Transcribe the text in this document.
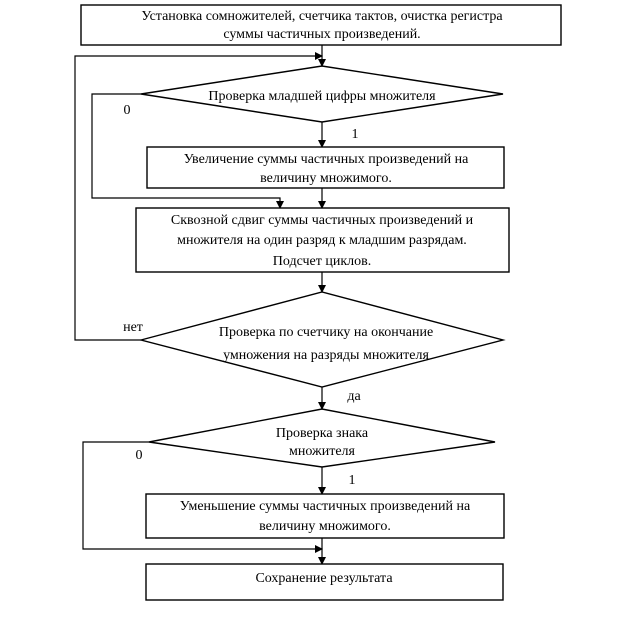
Установка сомножителей, счетчика тактов, очистка регистра
суммы частичных произведений.
Проверка младшей цифры множителя
0
1
Увеличение суммы частичных произведений на
величину множимого.
Сквозной сдвиг суммы частичных произведений и
множителя на один разряд к младшим разрядам.
Подсчет циклов.
Проверка по счетчику на окончание
умножения на разряды множителя
нет
да
Проверка знака
множителя
0
1
Уменьшение суммы частичных произведений на
величину множимого.
Сохранение результата
